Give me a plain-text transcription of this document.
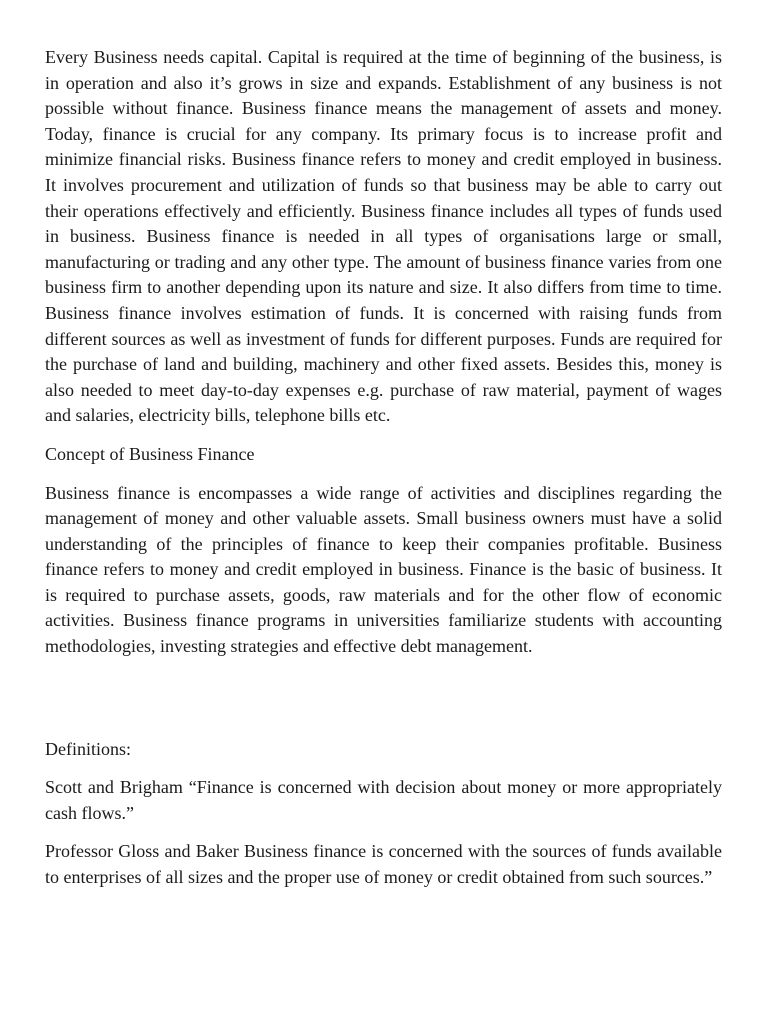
Every Business needs capital. Capital is required at the time of beginning of the business, is in operation and also it’s grows in size and expands. Establishment of any business is not possible without finance. Business finance means the management of assets and money. Today, finance is crucial for any company. Its primary focus is to increase profit and minimize financial risks. Business finance refers to money and credit employed in business. It involves procurement and utilization of funds so that business may be able to carry out their operations effectively and efficiently. Business finance includes all types of funds used in business. Business finance is needed in all types of organisations large or small, manufacturing or trading and any other type. The amount of business finance varies from one business firm to another depending upon its nature and size. It also differs from time to time. Business finance involves estimation of funds. It is concerned with raising funds from different sources as well as investment of funds for different purposes. Funds are required for the purchase of land and building, machinery and other fixed assets. Besides this, money is also needed to meet day-to-day expenses e.g. purchase of raw material, payment of wages and salaries, electricity bills, telephone bills etc.

Concept of Business Finance

Business finance is encompasses a wide range of activities and disciplines regarding the management of money and other valuable assets. Small business owners must have a solid understanding of the principles of finance to keep their companies profitable. Business finance refers to money and credit employed in business. Finance is the basic of business. It is required to purchase assets, goods, raw materials and for the other flow of economic activities. Business finance programs in universities familiarize students with accounting methodologies, investing strategies and effective debt management.

Definitions:

Scott and Brigham “Finance is concerned with decision about money or more appropriately cash flows.”

Professor Gloss and Baker Business finance is concerned with the sources of funds available to enterprises of all sizes and the proper use of money or credit obtained from such sources.”
